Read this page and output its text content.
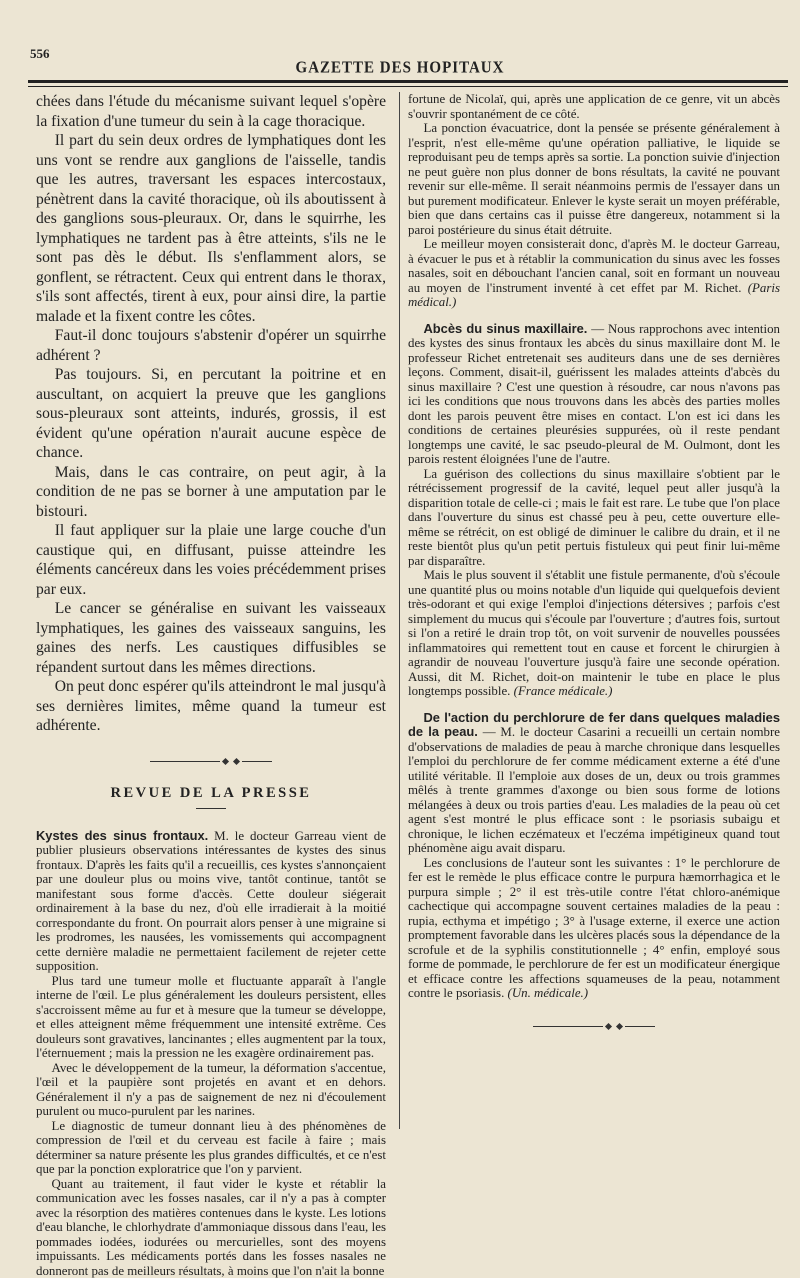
556
GAZETTE DES HOPITAUX

chées dans l'étude du mécanisme suivant lequel s'opère la fixation d'une tumeur du sein à la cage thoracique.

Il part du sein deux ordres de lymphatiques dont les uns vont se rendre aux ganglions de l'aisselle, tandis que les autres, traversant les espaces intercostaux, pénètrent dans la cavité thoracique, où ils aboutissent à des ganglions sous-pleuraux. Or, dans le squirrhe, les lymphatiques ne tardent pas à être atteints, s'ils ne le sont pas dès le début. Ils s'enflamment alors, se gonflent, se rétractent. Ceux qui entrent dans le thorax, s'ils sont affectés, tirent à eux, pour ainsi dire, la partie malade et la fixent contre les côtes.

Faut-il donc toujours s'abstenir d'opérer un squirrhe adhérent ?

Pas toujours. Si, en percutant la poitrine et en auscultant, on acquiert la preuve que les ganglions sous-pleuraux sont atteints, indurés, grossis, il est évident qu'une opération n'aurait aucune espèce de chance.

Mais, dans le cas contraire, on peut agir, à la condition de ne pas se borner à une amputation par le bistouri.

Il faut appliquer sur la plaie une large couche d'un caustique qui, en diffusant, puisse atteindre les éléments cancéreux dans les voies précédemment prises par eux.

Le cancer se généralise en suivant les vaisseaux lymphatiques, les gaines des vaisseaux sanguins, les gaines des nerfs. Les caustiques diffusibles se répandent surtout dans les mêmes directions.

On peut donc espérer qu'ils atteindront le mal jusqu'à ses dernières limites, même quand la tumeur est adhérente.

REVUE DE LA PRESSE

Kystes des sinus frontaux. M. le docteur Garreau vient de publier plusieurs observations intéressantes de kystes des sinus frontaux. D'après les faits qu'il a recueillis, ces kystes s'annonçaient par une douleur plus ou moins vive, tantôt continue, tantôt se manifestant sous forme d'accès. Cette douleur siégerait ordinairement à la base du nez, d'où elle irradierait à la moitié correspondante du front. On pourrait alors penser à une migraine si les prodromes, les nausées, les vomissements qui accompagnent cette dernière maladie ne permettaient facilement de rejeter cette supposition.

Plus tard une tumeur molle et fluctuante apparaît à l'angle interne de l'œil. Le plus généralement les douleurs persistent, elles s'accroissent même au fur et à mesure que la tumeur se développe, et elles atteignent même fréquemment une intensité extrême. Ces douleurs sont gravatives, lancinantes ; elles augmentent par la toux, l'éternuement ; mais la pression ne les exagère ordinairement pas.

Avec le développement de la tumeur, la déformation s'accentue, l'œil et la paupière sont projetés en avant et en dehors. Généralement il n'y a pas de saignement de nez ni d'écoulement purulent ou muco-purulent par les narines.

Le diagnostic de tumeur donnant lieu à des phénomènes de compression de l'œil et du cerveau est facile à faire ; mais déterminer sa nature présente les plus grandes difficultés, et ce n'est que par la ponction exploratrice que l'on y parvient.

Quant au traitement, il faut vider le kyste et rétablir la communication avec les fosses nasales, car il n'y a pas à compter avec la résorption des matières contenues dans le kyste. Les lotions d'eau blanche, le chlorhydrate d'ammoniaque dissous dans l'eau, les pommades iodées, iodurées ou mercurielles, sont des moyens impuissants. Les médicaments portés dans les fosses nasales ne donneront pas de meilleurs résultats, à moins que l'on n'ait la bonne

fortune de Nicolaï, qui, après une application de ce genre, vit un abcès s'ouvrir spontanément de ce côté.

La ponction évacuatrice, dont la pensée se présente généralement à l'esprit, n'est elle-même qu'une opération palliative, le liquide se reproduisant peu de temps après sa sortie. La ponction suivie d'injection ne peut guère non plus donner de bons résultats, la cavité ne pouvant revenir sur elle-même. Il serait néanmoins permis de l'essayer dans un but purement modificateur. Enlever le kyste serait un moyen préférable, bien que dans certains cas il puisse être dangereux, notamment si la paroi postérieure du sinus était détruite.

Le meilleur moyen consisterait donc, d'après M. le docteur Garreau, à évacuer le pus et à rétablir la communication du sinus avec les fosses nasales, soit en débouchant l'ancien canal, soit en formant un nouveau au moyen de l'instrument inventé à cet effet par M. Richet. (Paris médical.)

Abcès du sinus maxillaire. — Nous rapprochons avec intention des kystes des sinus frontaux les abcès du sinus maxillaire dont M. le professeur Richet entretenait ses auditeurs dans une de ses dernières leçons. Comment, disait-il, guérissent les malades atteints d'abcès du sinus maxillaire ? C'est une question à résoudre, car nous n'avons pas ici les conditions que nous trouvons dans les abcès des parties molles dont les parois peuvent être mises en contact. L'on est ici dans les conditions de certaines pleurésies suppurées, où il reste pendant longtemps une cavité, le sac pseudo-pleural de M. Oulmont, dont les parois restent éloignées l'une de l'autre.

La guérison des collections du sinus maxillaire s'obtient par le rétrécissement progressif de la cavité, lequel peut aller jusqu'à la disparition totale de celle-ci ; mais le fait est rare. Le tube que l'on place dans l'ouverture du sinus est chassé peu à peu, cette ouverture elle-même se rétrécit, on est obligé de diminuer le calibre du drain, et il ne reste bientôt plus qu'un petit pertuis fistuleux qui peut finir lui-même par disparaître.

Mais le plus souvent il s'établit une fistule permanente, d'où s'écoule une quantité plus ou moins notable d'un liquide qui quelquefois devient très-odorant et qui exige l'emploi d'injections détersives ; parfois c'est simplement du mucus qui s'écoule par l'ouverture ; d'autres fois, surtout si l'on a retiré le drain trop tôt, on voit survenir de nouvelles poussées inflammatoires qui remettent tout en cause et forcent le chirurgien à agrandir de nouveau l'ouverture jusqu'à faire une seconde opération. Aussi, dit M. Richet, doit-on maintenir le tube en place le plus longtemps possible. (France médicale.)

De l'action du perchlorure de fer dans quelques maladies de la peau. — M. le docteur Casarini a recueilli un certain nombre d'observations de maladies de peau à marche chronique dans lesquelles l'emploi du perchlorure de fer comme médicament externe a été d'une utilité véritable. Il l'emploie aux doses de un, deux ou trois grammes mêlés à trente grammes d'axonge ou bien sous forme de lotions mélangées à deux ou trois parties d'eau. Les maladies de la peau où cet agent s'est montré le plus efficace sont : le psoriasis subaigu et chronique, le lichen eczémateux et l'eczéma impétigineux quand tout phénomène aigu avait disparu.

Les conclusions de l'auteur sont les suivantes : 1° le perchlorure de fer est le remède le plus efficace contre le purpura hæmorrhagica et le purpura simple ; 2° il est très-utile contre l'état chloro-anémique cachectique qui accompagne souvent certaines maladies de la peau : rupia, ecthyma et impétigo ; 3° à l'usage externe, il exerce une action promptement favorable dans les ulcères placés sous la dépendance de la scrofule et de la syphilis constitutionnelle ; 4° enfin, employé sous forme de pommade, le perchlorure de fer est un modificateur énergique et efficace contre les affections squameuses de la peau, notamment contre le psoriasis. (Un. médicale.)
